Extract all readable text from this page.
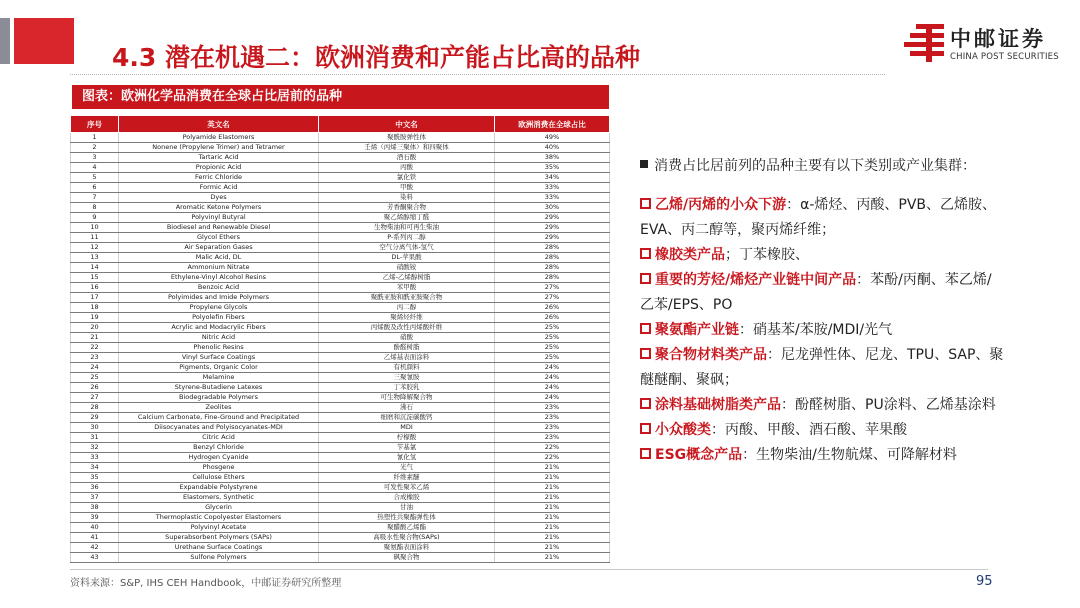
4.3 潜在机遇二：欧洲消费和产能占比高的品种
中邮证券
CHINA POST SECURITIES
图表：欧洲化学品消费在全球占比居前的品种
序号	英文名	中文名	欧洲消费在全球占比
1	Polyamide Elastomers	聚酰胺弹性体	49%
2	Nonene (Propylene Trimer) and Tetramer	壬烯（丙烯三聚体）和四聚体	40%
3	Tartaric Acid	酒石酸	38%
4	Propionic Acid	丙酸	35%
5	Ferric Chloride	氯化铁	34%
6	Formic Acid	甲酸	33%
7	Dyes	染料	33%
8	Aromatic Ketone Polymers	芳香酮聚合物	30%
9	Polyvinyl Butyral	聚乙烯醇缩丁醛	29%
10	Biodiesel and Renewable Diesel	生物柴油和可再生柴油	29%
11	Glycol Ethers	P-系列丙二醇	29%
12	Air Separation Gases	空气分离气体-氢气	28%
13	Malic Acid, DL	DL-苹果酸	28%
14	Ammonium Nitrate	硝酸铵	28%
15	Ethylene-Vinyl Alcohol Resins	乙烯-乙烯醇树脂	28%
16	Benzoic Acid	苯甲酸	27%
17	Polyimides and Imide Polymers	聚酰亚胺和酰亚胺聚合物	27%
18	Propylene Glycols	丙二醇	26%
19	Polyolefin Fibers	聚烯烃纤维	26%
20	Acrylic and Modacrylic Fibers	丙烯酸及改性丙烯酸纤维	25%
21	Nitric Acid	硝酸	25%
22	Phenolic Resins	酚醛树脂	25%
23	Vinyl Surface Coatings	乙烯基表面涂料	25%
24	Pigments, Organic Color	有机颜料	24%
25	Melamine	三聚氰胺	24%
26	Styrene-Butadiene Latexes	丁苯胶乳	24%
27	Biodegradable Polymers	可生物降解聚合物	24%
28	Zeolites	沸石	23%
29	Calcium Carbonate, Fine-Ground and Precipitated	细磨和沉淀碳酸钙	23%
30	Diisocyanates and Polyisocyanates-MDI	MDI	23%
31	Citric Acid	柠檬酸	23%
32	Benzyl Chloride	苄基氯	22%
33	Hydrogen Cyanide	氰化氢	22%
34	Phosgene	光气	21%
35	Cellulose Ethers	纤维素醚	21%
36	Expandable Polystyrene	可发性聚苯乙烯	21%
37	Elastomers, Synthetic	合成橡胶	21%
38	Glycerin	甘油	21%
39	Thermoplastic Copolyester Elastomers	热塑性共聚酯弹性体	21%
40	Polyvinyl Acetate	聚醋酸乙烯酯	21%
41	Superabsorbent Polymers (SAPs)	高吸水性聚合物(SAPs)	21%
42	Urethane Surface Coatings	聚氨酯表面涂料	21%
43	Sulfone Polymers	砜聚合物	21%
消费占比居前列的品种主要有以下类别或产业集群：
乙烯/丙烯的小众下游：α-烯烃、丙酸、PVB、乙烯胺、
EVA、丙二醇等，聚丙烯纤维；
橡胶类产品；丁苯橡胶、
重要的芳烃/烯烃产业链中间产品：苯酚/丙酮、苯乙烯/
乙苯/EPS、PO
聚氨酯产业链：硝基苯/苯胺/MDI/光气
聚合物材料类产品：尼龙弹性体、尼龙、TPU、SAP、聚
醚醚酮、聚砜；
涂料基础树脂类产品：酚醛树脂、PU涂料、乙烯基涂料
小众酸类：丙酸、甲酸、酒石酸、苹果酸
ESG概念产品：生物柴油/生物航煤、可降解材料
资料来源：S&P, IHS CEH Handbook，中邮证券研究所整理	95
